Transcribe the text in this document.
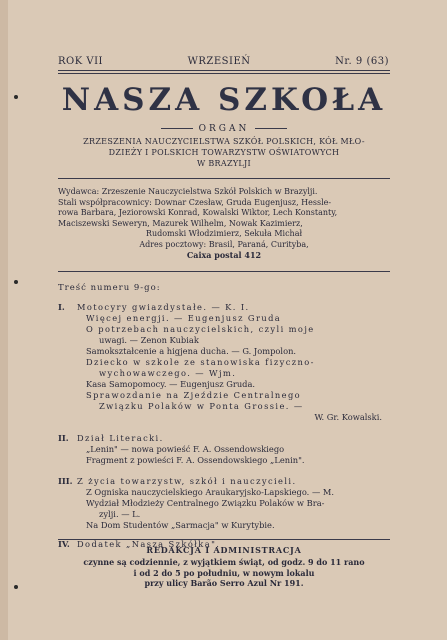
ROK VII	WRZESIEŃ	Nr. 9 (63)
NASZA SZKOŁA
ORGAN
ZRZESZENIA NAUCZYCIELSTWA SZKÓŁ POLSKICH, KÓŁ MŁO-
DZIEŻY I POLSKICH TOWARZYSTW OŚWIATOWYCH
W BRAZYLJI
Wydawca: Zrzeszenie Nauczycielstwa Szkół Polskich w Brazylji.
Stali współpracownicy: Downar Czesław, Gruda Eugenjusz, Hessle-
rowa Barbara, Jeziorowski Konrad, Kowalski Wiktor, Lech Konstanty,
Maciszewski Seweryn, Mazurek Wilhelm, Nowak Kazimierz,
Rudomski Włodzimierz, Sekuła Michał
Adres pocztowy: Brasil, Paraná, Curityba,
Caixa postal 412
Treść numeru 9-go:
I.	Motocyry gwiazdystałe. — K. I.
Więcej energji. — Eugenjusz Gruda
O potrzebach nauczycielskich, czyli moje
uwagi. — Zenon Kubiak
Samokształcenie a higjena ducha. — G. Jompolon.
Dziecko w szkole ze stanowiska fizyczno-
wychowawczego. — Wjm.
Kasa Samopomocy. — Eugenjusz Gruda.
Sprawozdanie na Zjeździe Centralnego
Związku Polaków w Ponta Grossie. —
W. Gr. Kowalski.
II.	Dział Literacki.
„Lenin" — nowa powieść F. A. Ossendowskiego
Fragment z powieści F. A. Ossendowskiego „Lenin".
III. Z życia towarzystw, szkół i nauczycieli.
Z Ogniska nauczycielskiego Araukaryjsko-Lapskiego. — M.
Wydział Młodzieży Centralnego Związku Polaków w Bra-
zylji. — L.
Na Dom Studentów „Sarmacja" w Kurytybie.
IV. Dodatek „Nasza Szkółka".
REDAKCJA I ADMINISTRACJA
czynne są codziennie, z wyjątkiem świąt, od godz. 9 do 11 rano
i od 2 do 5 po południu, w nowym lokalu
przy ulicy Barão Serro Azul Nr 191.
